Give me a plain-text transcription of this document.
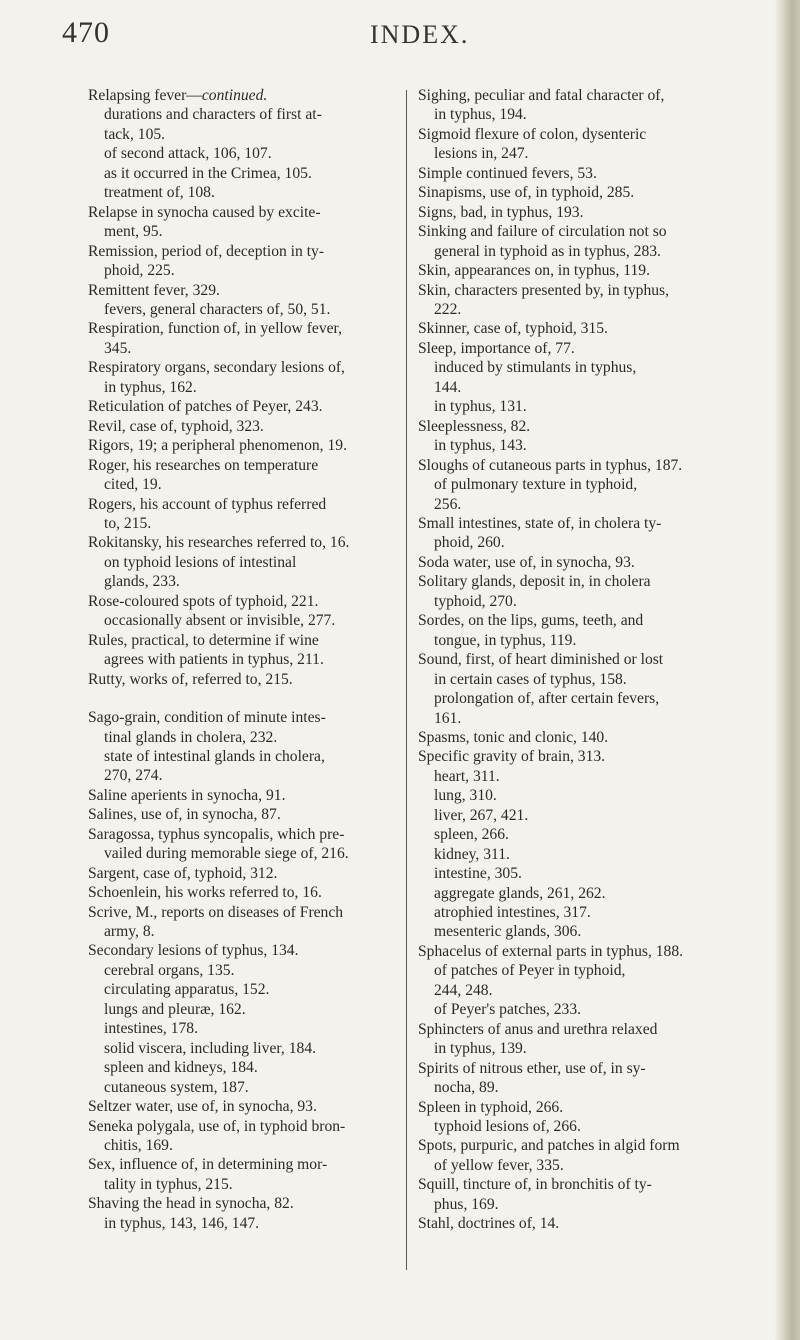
470	INDEX.
Relapsing fever—continued.
durations and characters of first at-
tack, 105.
of second attack, 106, 107.
as it occurred in the Crimea, 105.
treatment of, 108.
Relapse in synocha caused by excite-
ment, 95.
Remission, period of, deception in ty-
phoid, 225.
Remittent fever, 329.
fevers, general characters of, 50, 51.
Respiration, function of, in yellow fever,
345.
Respiratory organs, secondary lesions of,
in typhus, 162.
Reticulation of patches of Peyer, 243.
Revil, case of, typhoid, 323.
Rigors, 19; a peripheral phenomenon, 19.
Roger, his researches on temperature
cited, 19.
Rogers, his account of typhus referred
to, 215.
Rokitansky, his researches referred to, 16.
on typhoid lesions of intestinal
glands, 233.
Rose-coloured spots of typhoid, 221.
occasionally absent or invisible, 277.
Rules, practical, to determine if wine
agrees with patients in typhus, 211.
Rutty, works of, referred to, 215.
Sago-grain, condition of minute intes-
tinal glands in cholera, 232.
state of intestinal glands in cholera,
270, 274.
Saline aperients in synocha, 91.
Salines, use of, in synocha, 87.
Saragossa, typhus syncopalis, which pre-
vailed during memorable siege of, 216.
Sargent, case of, typhoid, 312.
Schoenlein, his works referred to, 16.
Scrive, M., reports on diseases of French
army, 8.
Secondary lesions of typhus, 134.
cerebral organs, 135.
circulating apparatus, 152.
lungs and pleuræ, 162.
intestines, 178.
solid viscera, including liver, 184.
spleen and kidneys, 184.
cutaneous system, 187.
Seltzer water, use of, in synocha, 93.
Seneka polygala, use of, in typhoid bron-
chitis, 169.
Sex, influence of, in determining mor-
tality in typhus, 215.
Shaving the head in synocha, 82.
in typhus, 143, 146, 147.
Sighing, peculiar and fatal character of,
in typhus, 194.
Sigmoid flexure of colon, dysenteric
lesions in, 247.
Simple continued fevers, 53.
Sinapisms, use of, in typhoid, 285.
Signs, bad, in typhus, 193.
Sinking and failure of circulation not so
general in typhoid as in typhus, 283.
Skin, appearances on, in typhus, 119.
Skin, characters presented by, in typhus,
222.
Skinner, case of, typhoid, 315.
Sleep, importance of, 77.
induced by stimulants in typhus,
144.
in typhus, 131.
Sleeplessness, 82.
in typhus, 143.
Sloughs of cutaneous parts in typhus, 187.
of pulmonary texture in typhoid,
256.
Small intestines, state of, in cholera ty-
phoid, 260.
Soda water, use of, in synocha, 93.
Solitary glands, deposit in, in cholera
typhoid, 270.
Sordes, on the lips, gums, teeth, and
tongue, in typhus, 119.
Sound, first, of heart diminished or lost
in certain cases of typhus, 158.
prolongation of, after certain fevers,
161.
Spasms, tonic and clonic, 140.
Specific gravity of brain, 313.
heart, 311.
lung, 310.
liver, 267, 421.
spleen, 266.
kidney, 311.
intestine, 305.
aggregate glands, 261, 262.
atrophied intestines, 317.
mesenteric glands, 306.
Sphacelus of external parts in typhus, 188.
of patches of Peyer in typhoid,
244, 248.
of Peyer's patches, 233.
Sphincters of anus and urethra relaxed
in typhus, 139.
Spirits of nitrous ether, use of, in sy-
nocha, 89.
Spleen in typhoid, 266.
typhoid lesions of, 266.
Spots, purpuric, and patches in algid form
of yellow fever, 335.
Squill, tincture of, in bronchitis of ty-
phus, 169.
Stahl, doctrines of, 14.
